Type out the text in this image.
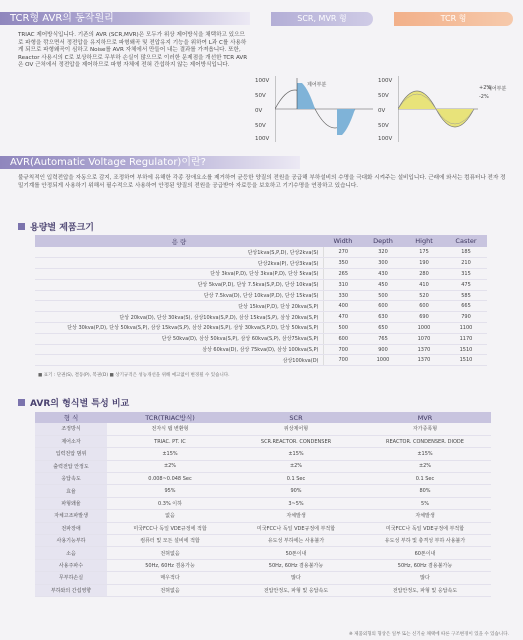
TCR형 AVR의 동작원리
TRIAC 제어방식입니다. 기존의 AVR (SCR,MVR)은 모두가 위상 제어방식을 채택하고 있으므로 파형을 깎으면서 정전압을 유지하므로 파형왜곡 및 전압유지 기능을 위하여 L과 C를 사용하게 되므로 파형왜곡이 심하고 Noise를 AVR 자체에서 만들어 내는 결과를 가져옵니다. 또한, Reactor 사용시의 C로 보상하므로 무부하 손실이 많으므로 이러한 문제점을 개선한 TCR AVR은 OV 근처에서 정전압을 제어하므로 파형 자체에 전혀 간섭하지 않는 제어방식입니다.
SCR, MVR 형
100V
50V
0V
50V
100V
제어부분
TCR 형
100V
50V
0V
50V
100V
+2%
제어부분
-2%
AVR(Automatic Voltage Regulator)이란?
불규칙적인 입력전압을 자동으로 감지, 조정하여 부하에 유해한 각종 장애요소를 제거하여 균등한 양질의 전원을 공급해 부하설비의 수명을 극대화 시켜주는 설비입니다. 근래에 와서는 컴퓨터나 전자 정밀기계를 안정되게 사용하기 위해서 필수적으로 사용하여 안정된 양질의 전원을 공급받아 자료등을 보호하고 기기수명을 연장하고 있습니다.
용량별 제품크기
용 량	Width	Depth	Hight	Caster
단상1kva(S,P,D), 단상2kva(S)	270	320	175	185
단상2kva(P), 단상3kva(S)	350	300	190	210
단상 3kva(P,D), 단상 3kva(P,D), 단상 5kva(S)	265	430	280	315
단상 5kva(P,D), 단상 7.5kva(S,P,D), 단상 10kva(S)	310	450	410	475
단상 7.5kva(D), 단상 10kva(P,D), 단상 15kva(S)	330	500	520	585
단상 15kva(P,D), 단상 20kva(S,P)	400	600	600	665
단상 20kva(D), 단상 30kva(S), 삼상10kva(S,P,D), 삼상 15kva(S,P), 삼상 20kva(S,P)	470	630	690	790
단상 30kva(P,D), 단상 50kva(S,P), 삼상 15kva(S,P), 삼상 20kva(S,P), 삼상 30kva(S,P,D), 단상 50kva(S,P)	500	650	1000	1100
단상 50kva(D), 삼상 50kva(S,P), 삼상 60kva(S,P), 삼상75kva(S,P)	600	765	1070	1170
삼상 60kva(D), 삼상 75kva(D), 삼상 100kva(S,P)	700	900	1370	1510
삼상100kva(D)	700	1000	1370	1510
■ 표기 : 단권(S), 결동(P), 복권(D) ■ 상기규격은 성능개선을 위해 예고없이 변경될 수 있습니다.
AVR의 형식별 특성 비교
형 식	TCR(TRIAC방식)	SCR	MVR
조정방식	전자식 탭 변환형	위상제어형	자가증폭형
제어소자	TRIAC. PT. IC	SCR.REACTOR. CONDENSER	REACTOR. CONDENSER. DIODE
입력전압 범위	±15%	±15%	±15%
출력전압 안정도	±2%	±2%	±2%
응답속도	0.008~0.048 Sec	0.1 Sec	0.1 Sec
효율	95%	90%	80%
파형왜율	0.3% 이하	3~5%	5%
자체고조파발생	없음	자체발생	자체발생
전파장애	미국FCC나 독일 VDE규정에 적합	미국FCC나 독일 VDE규정에 부적합	미국FCC나 독일 VDE규정에 부적합
사용기능부하	컴퓨터 및 모든 설비에 적합	유도성 부하에는 사용불가	유도성 부하 및 충격성 부하 사용불가
소음	전혀없음	50폰이내	60폰이내
사용주파수	50Hz, 60Hz 겸용가능	50Hz, 60Hz 겸용불가능	50Hz, 60Hz 겸용불가능
무부하손실	매우적다	많다	많다
부하와의 간섭영향	전혀없음	전압안정도, 파형 및 응답속도	전압안정도, 파형 및 응답속도
※ 제품외형의 형상은 일부 또는 신기술 채택에 따른 구조변경이 있을 수 있습니다.
